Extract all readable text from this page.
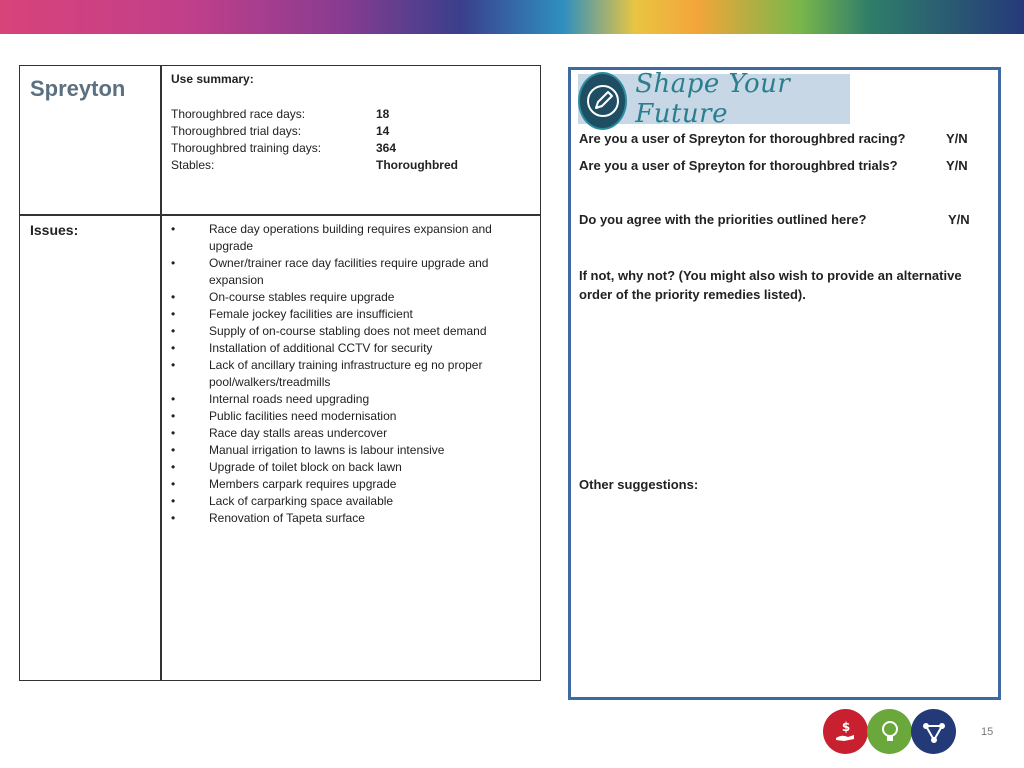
Spreyton	Use summary:
Thoroughbred race days:	18
Thoroughbred trial days:	14
Thoroughbred training days:	364
Stables:	Thoroughbred
Issues:	•	Race day operations building requires expansion and upgrade
•	Owner/trainer race day facilities require upgrade and expansion
•	On-course stables require upgrade
•	Female jockey facilities are insufficient
•	Supply of on-course stabling does not meet demand
•	Installation of additional CCTV for security
•	Lack of ancillary training infrastructure eg no proper pool/walkers/treadmills
•	Internal roads need upgrading
•	Public facilities need modernisation
•	Race day stalls areas undercover
•	Manual irrigation to lawns is labour intensive
•	Upgrade of toilet block on back lawn
•	Members carpark requires upgrade
•	Lack of carparking space available
•	Renovation of Tapeta surface
Shape Your Future
Are you a user of Spreyton for thoroughbred racing?	Y/N
Are you a user of Spreyton for thoroughbred trials?	Y/N
Do you agree with the priorities outlined here?	Y/N
If not, why not? (You might also wish to provide an alternative order of the priority remedies listed).
Other suggestions:
$	15
